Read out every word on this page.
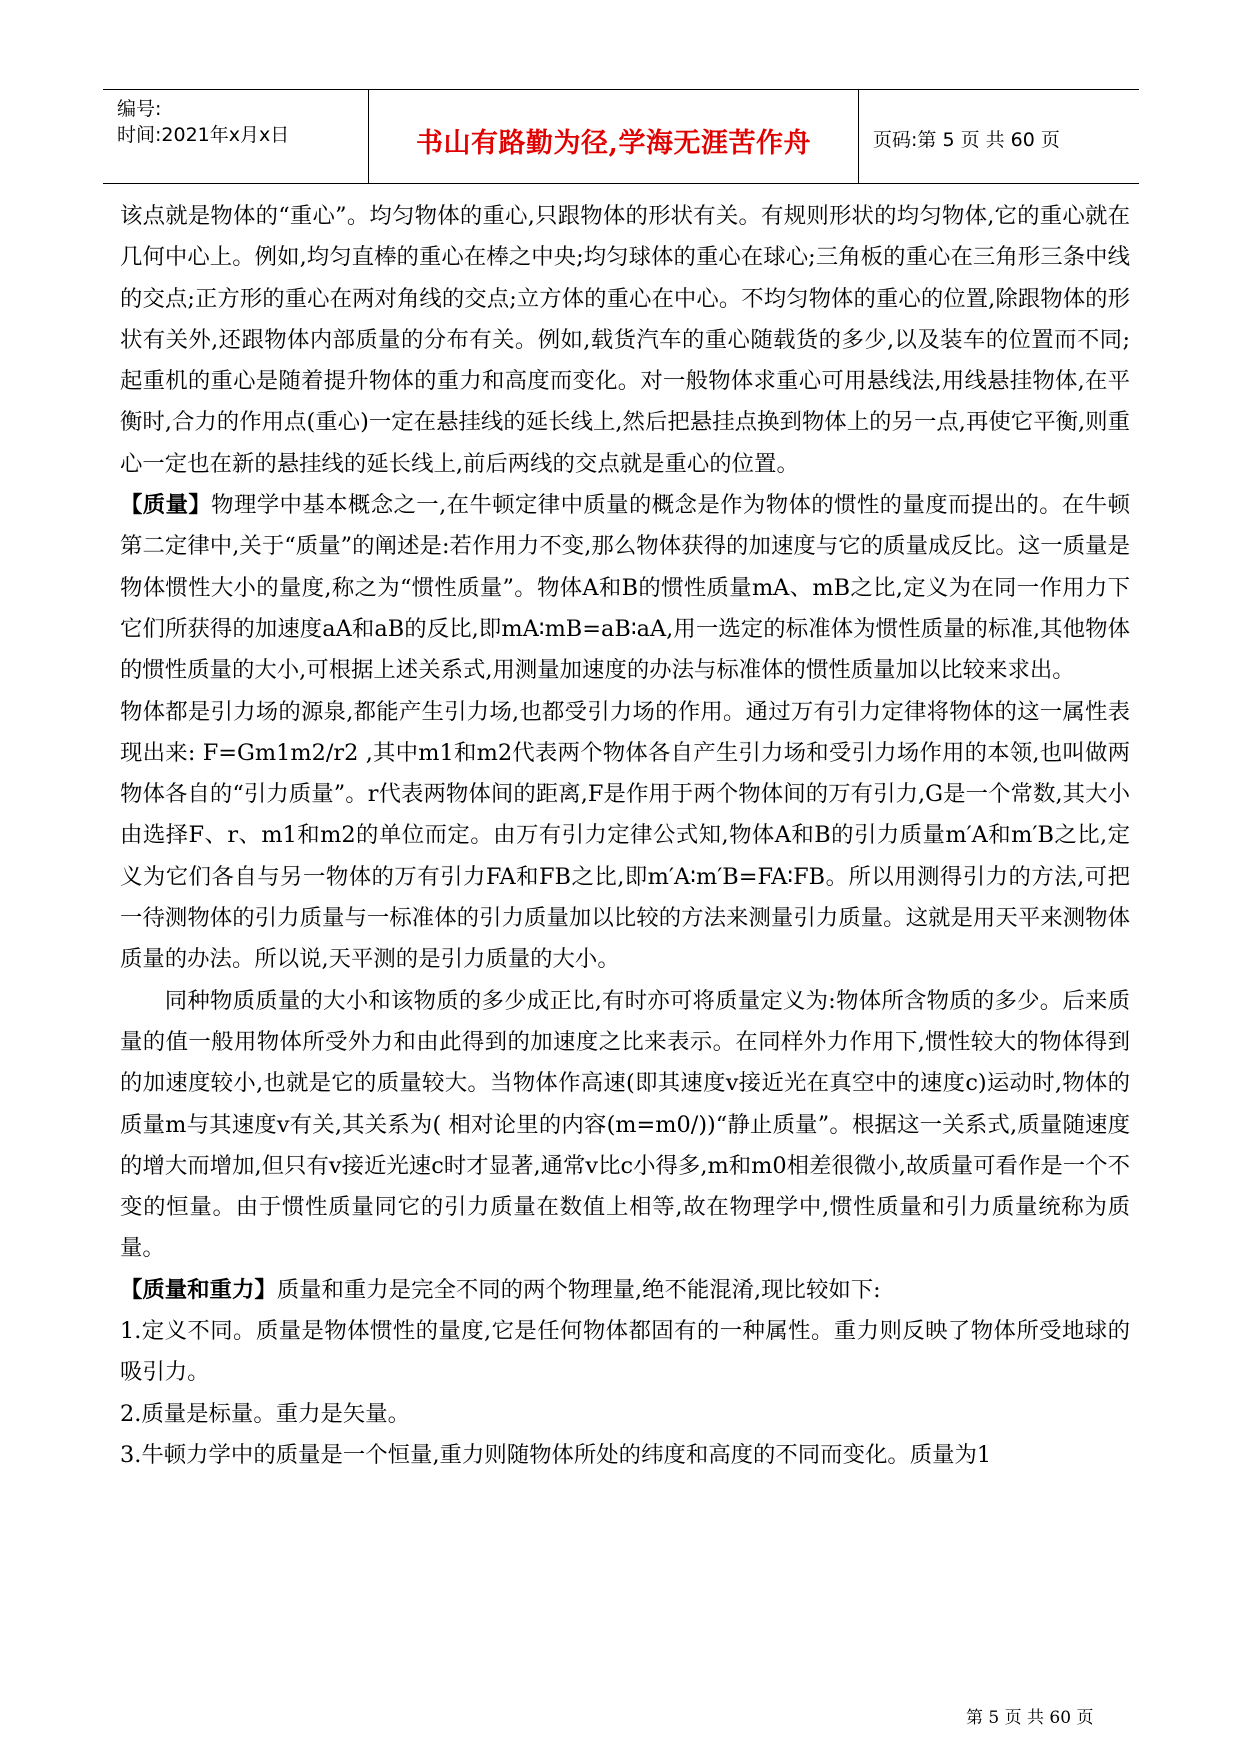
编号:
时间:2021年x月x日	书山有路勤为径,学海无涯苦作舟	页码:第 5 页 共 60 页

该点就是物体的“重心”。均匀物体的重心,只跟物体的形状有关。有规则形状的均匀物体,它的重心就在几何中心上。例如,均匀直棒的重心在棒之中央;均匀球体的重心在球心;三角板的重心在三角形三条中线的交点;正方形的重心在两对角线的交点;立方体的重心在中心。不均匀物体的重心的位置,除跟物体的形状有关外,还跟物体内部质量的分布有关。例如,载货汽车的重心随载货的多少,以及装车的位置而不同;起重机的重心是随着提升物体的重力和高度而变化。对一般物体求重心可用悬线法,用线悬挂物体,在平衡时,合力的作用点(重心)一定在悬挂线的延长线上,然后把悬挂点换到物体上的另一点,再使它平衡,则重心一定也在新的悬挂线的延长线上,前后两线的交点就是重心的位置。

【质量】物理学中基本概念之一,在牛顿定律中质量的概念是作为物体的惯性的量度而提出的。在牛顿第二定律中,关于“质量”的阐述是:若作用力不变,那么物体获得的加速度与它的质量成反比。这一质量是物体惯性大小的量度,称之为“惯性质量”。物体A和B的惯性质量mA、mB之比,定义为在同一作用力下它们所获得的加速度aA和aB的反比,即mA∶mB=aB∶aA,用一选定的标准体为惯性质量的标准,其他物体的惯性质量的大小,可根据上述关系式,用测量加速度的办法与标准体的惯性质量加以比较来求出。

物体都是引力场的源泉,都能产生引力场,也都受引力场的作用。通过万有引力定律将物体的这一属性表现出来: F=Gm1m2/r2 ,其中m1和m2代表两个物体各自产生引力场和受引力场作用的本领,也叫做两物体各自的“引力质量”。r代表两物体间的距离,F是作用于两个物体间的万有引力,G是一个常数,其大小由选择F、r、m1和m2的单位而定。由万有引力定律公式知,物体A和B的引力质量m′A和m′B之比,定义为它们各自与另一物体的万有引力FA和FB之比,即m′A∶m′B=FA∶FB。所以用测得引力的方法,可把一待测物体的引力质量与一标准体的引力质量加以比较的方法来测量引力质量。这就是用天平来测物体质量的办法。所以说,天平测的是引力质量的大小。

同种物质质量的大小和该物质的多少成正比,有时亦可将质量定义为:物体所含物质的多少。后来质量的值一般用物体所受外力和由此得到的加速度之比来表示。在同样外力作用下,惯性较大的物体得到的加速度较小,也就是它的质量较大。当物体作高速(即其速度v接近光在真空中的速度c)运动时,物体的质量m与其速度v有关,其关系为( 相对论里的内容(m=m0/))“静止质量”。根据这一关系式,质量随速度的增大而增加,但只有v接近光速c时才显著,通常v比c小得多,m和m0相差很微小,故质量可看作是一个不变的恒量。由于惯性质量同它的引力质量在数值上相等,故在物理学中,惯性质量和引力质量统称为质量。

【质量和重力】质量和重力是完全不同的两个物理量,绝不能混淆,现比较如下:

1.定义不同。质量是物体惯性的量度,它是任何物体都固有的一种属性。重力则反映了物体所受地球的吸引力。

2.质量是标量。重力是矢量。

3.牛顿力学中的质量是一个恒量,重力则随物体所处的纬度和高度的不同而变化。质量为1

第 5 页 共 60 页
